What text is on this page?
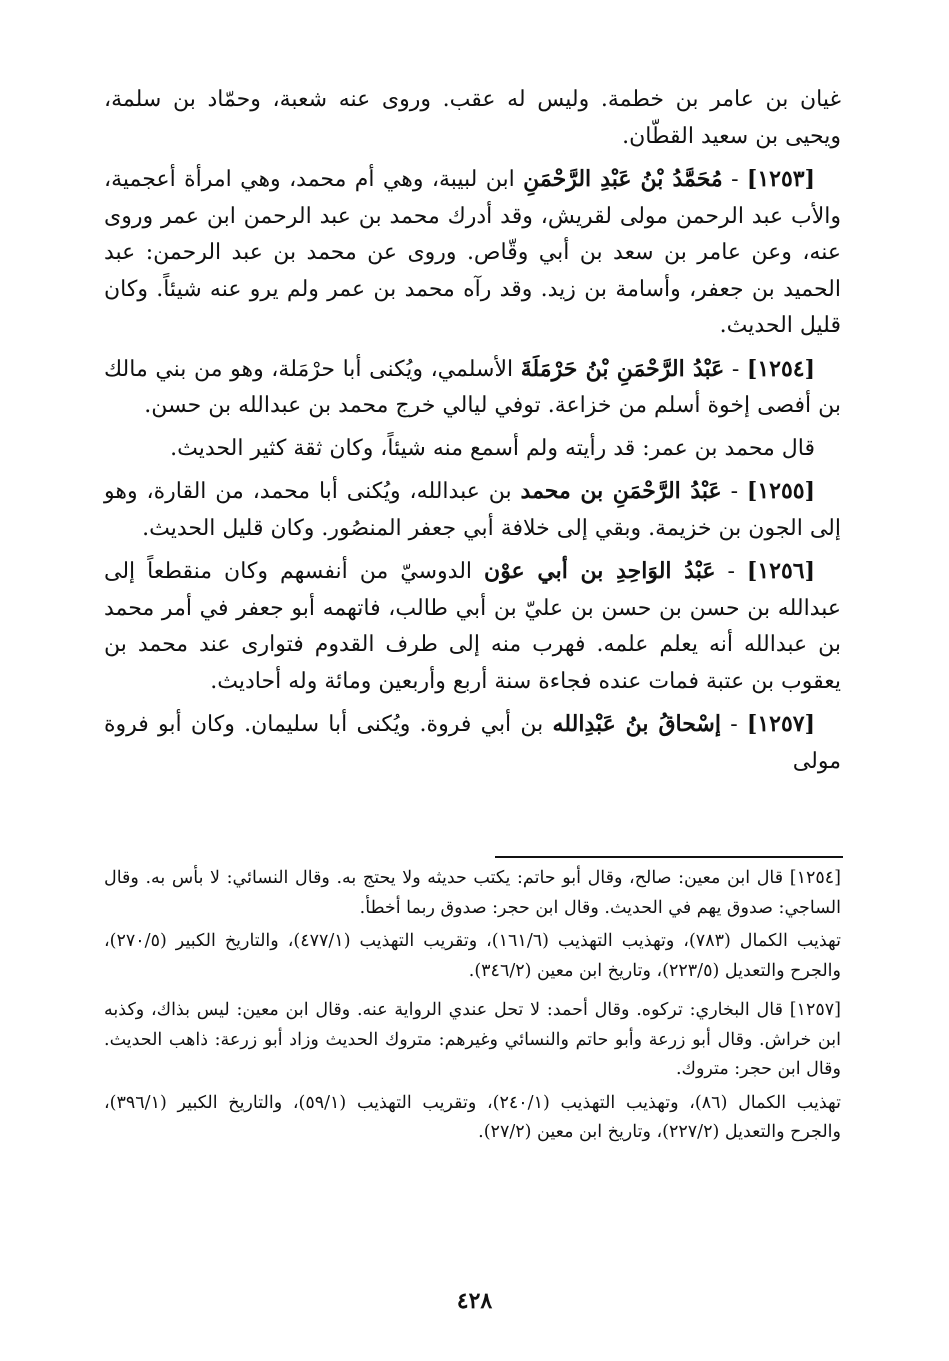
غيان بن عامر بن خطمة. وليس له عقب. وروى عنه شعبة، وحمّاد بن سلمة، ويحيى بن سعيد القطّان.

[١٢٥٣] - مُحَمَّدُ بْنُ عَبْدِ الرَّحْمَنِ ابن لبيبة، وهي أم محمد، وهي امرأة أعجمية، والأب عبد الرحمن مولى لقريش، وقد أدرك محمد بن عبد الرحمن ابن عمر وروى عنه، وعن عامر بن سعد بن أبي وقّاص. وروى عن محمد بن عبد الرحمن: عبد الحميد بن جعفر، وأسامة بن زيد. وقد رآه محمد بن عمر ولم يرو عنه شيئاً. وكان قليل الحديث.

[١٢٥٤] - عَبْدُ الرَّحْمَنِ بْنُ حَرْمَلَةَ الأسلمي، ويُكنى أبا حرْمَلة، وهو من بني مالك بن أفصى إخوة أسلم من خزاعة. توفي ليالي خرج محمد بن عبدالله بن حسن.

قال محمد بن عمر: قد رأيته ولم أسمع منه شيئاً، وكان ثقة كثير الحديث.

[١٢٥٥] - عَبْدُ الرَّحْمَنِ بن محمد بن عبدالله، ويُكنى أبا محمد، من القارة، وهو إلى الجون بن خزيمة. وبقي إلى خلافة أبي جعفر المنصُور. وكان قليل الحديث.

[١٢٥٦] - عَبْدُ الوَاحِدِ بن أبي عوْن الدوسيّ من أنفسهم وكان منقطعاً إلى عبدالله بن حسن بن حسن بن عليّ بن أبي طالب، فاتهمه أبو جعفر في أمر محمد بن عبدالله أنه يعلم علمه. فهرب منه إلى طرف القدوم فتوارى عند محمد بن يعقوب بن عتبة فمات عنده فجاءة سنة أربع وأربعين ومائة وله أحاديث.

[١٢٥٧] - إسْحاقُ بنُ عَبْدِالله بن أبي فروة. ويُكنى أبا سليمان. وكان أبو فروة مولى

[١٢٥٤] قال ابن معين: صالح، وقال أبو حاتم: يكتب حديثه ولا يحتج به. وقال النسائي: لا بأس به. وقال الساجي: صدوق يهم في الحديث. وقال ابن حجر: صدوق ربما أخطأ.

تهذيب الكمال (٧٨٣)، وتهذيب التهذيب (١٦١/٦)، وتقريب التهذيب (٤٧٧/١)، والتاريخ الكبير (٢٧٠/٥)، والجرح والتعديل (٢٢٣/٥)، وتاريخ ابن معين (٣٤٦/٢).

[١٢٥٧] قال البخاري: تركوه. وقال أحمد: لا تحل عندي الرواية عنه. وقال ابن معين: ليس بذاك، وكذبه ابن خراش. وقال أبو زرعة وأبو حاتم والنسائي وغيرهم: متروك الحديث وزاد أبو زرعة: ذاهب الحديث. وقال ابن حجر: متروك.

تهذيب الكمال (٨٦)، وتهذيب التهذيب (٢٤٠/١)، وتقريب التهذيب (٥٩/١)، والتاريخ الكبير (٣٩٦/١)، والجرح والتعديل (٢٢٧/٢)، وتاريخ ابن معين (٢٧/٢).

٤٢٨
